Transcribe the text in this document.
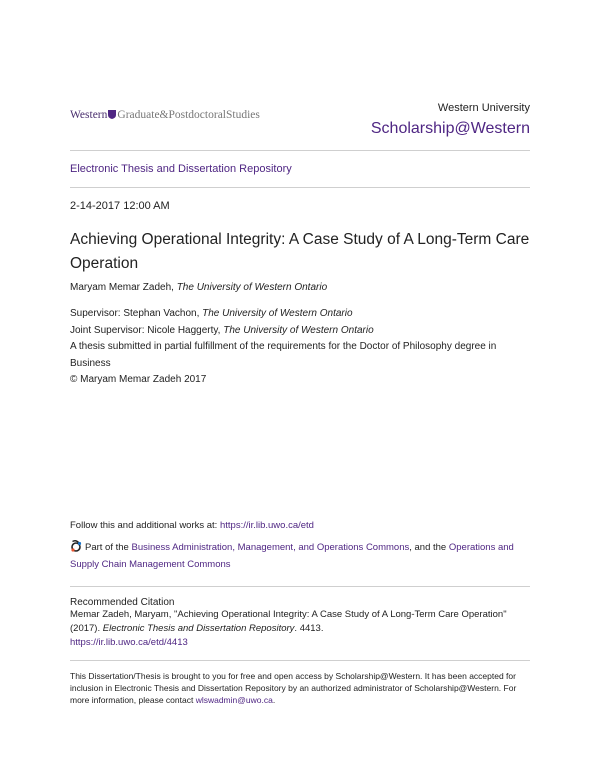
Western Graduate&PostdoctoralStudies
Western University
Scholarship@Western
Electronic Thesis and Dissertation Repository
2-14-2017 12:00 AM
Achieving Operational Integrity: A Case Study of A Long-Term Care Operation
Maryam Memar Zadeh, The University of Western Ontario
Supervisor: Stephan Vachon, The University of Western Ontario
Joint Supervisor: Nicole Haggerty, The University of Western Ontario
A thesis submitted in partial fulfillment of the requirements for the Doctor of Philosophy degree in Business
© Maryam Memar Zadeh 2017
Follow this and additional works at: https://ir.lib.uwo.ca/etd
Part of the Business Administration, Management, and Operations Commons, and the Operations and Supply Chain Management Commons
Recommended Citation
Memar Zadeh, Maryam, "Achieving Operational Integrity: A Case Study of A Long-Term Care Operation"
(2017). Electronic Thesis and Dissertation Repository. 4413.
https://ir.lib.uwo.ca/etd/4413
This Dissertation/Thesis is brought to you for free and open access by Scholarship@Western. It has been accepted for inclusion in Electronic Thesis and Dissertation Repository by an authorized administrator of Scholarship@Western. For more information, please contact wlswadmin@uwo.ca.
